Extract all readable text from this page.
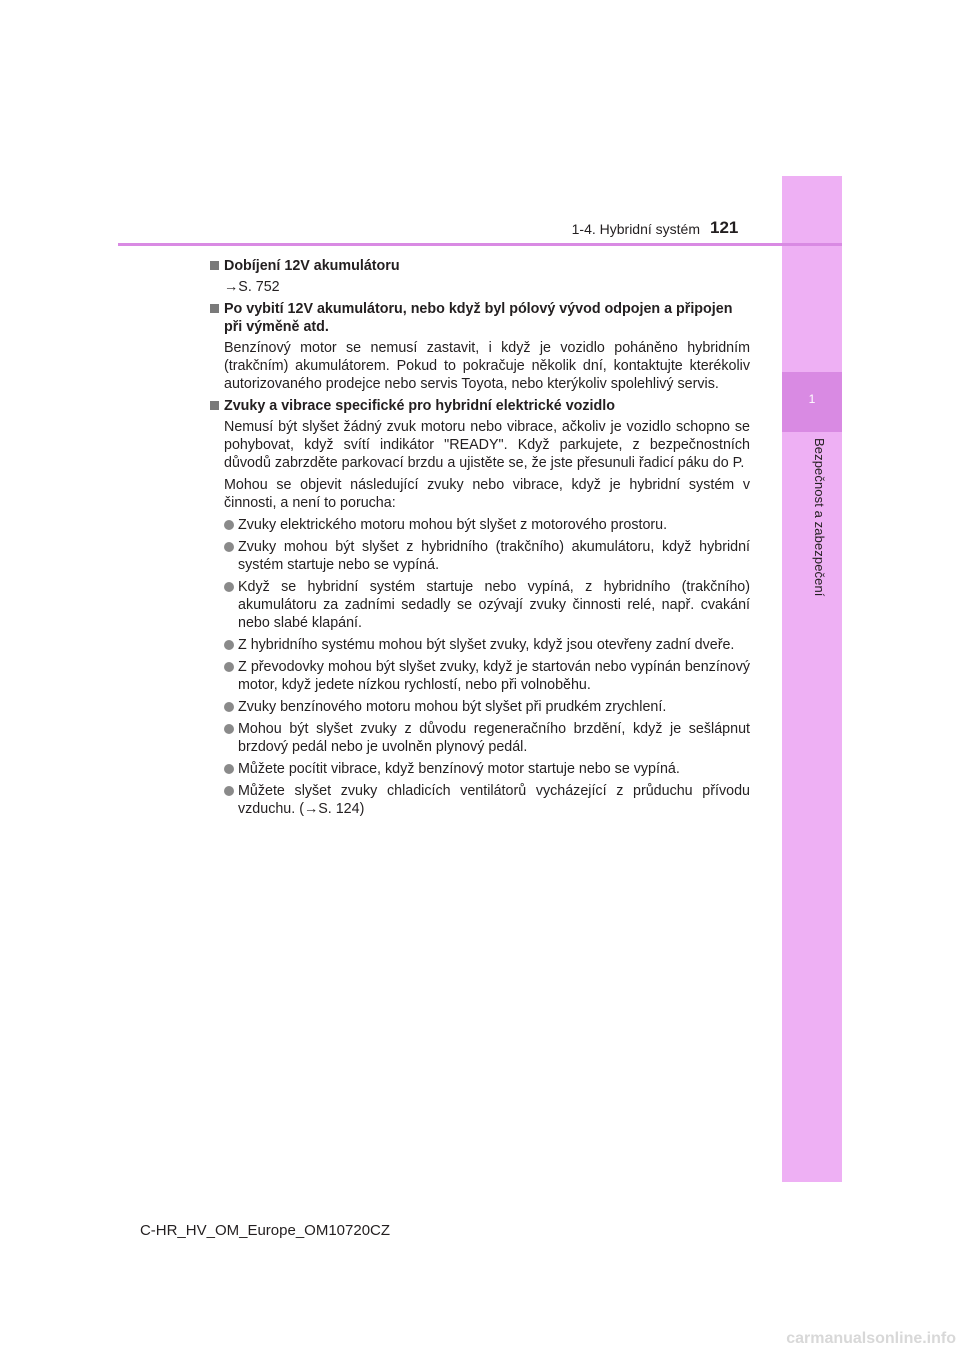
1
Bezpečnost a zabezpečení
1-4. Hybridní systém 121
Dobíjení 12V akumulátoru
→S. 752
Po vybití 12V akumulátoru, nebo když byl pólový vývod odpojen a připojen při výměně atd.
Benzínový motor se nemusí zastavit, i když je vozidlo poháněno hybridním (trakčním) akumulátorem. Pokud to pokračuje několik dní, kontaktujte kterékoliv autorizovaného prodejce nebo servis Toyota, nebo kterýkoliv spolehlivý servis.
Zvuky a vibrace specifické pro hybridní elektrické vozidlo
Nemusí být slyšet žádný zvuk motoru nebo vibrace, ačkoliv je vozidlo schopno se pohybovat, když svítí indikátor "READY". Když parkujete, z bezpečnostních důvodů zabrzděte parkovací brzdu a ujistěte se, že jste přesunuli řadicí páku do P.
Mohou se objevit následující zvuky nebo vibrace, když je hybridní systém v činnosti, a není to porucha:
Zvuky elektrického motoru mohou být slyšet z motorového prostoru.
Zvuky mohou být slyšet z hybridního (trakčního) akumulátoru, když hybridní systém startuje nebo se vypíná.
Když se hybridní systém startuje nebo vypíná, z hybridního (trakčního) akumulátoru za zadními sedadly se ozývají zvuky činnosti relé, např. cvakání nebo slabé klapání.
Z hybridního systému mohou být slyšet zvuky, když jsou otevřeny zadní dveře.
Z převodovky mohou být slyšet zvuky, když je startován nebo vypínán benzínový motor, když jedete nízkou rychlostí, nebo při volnoběhu.
Zvuky benzínového motoru mohou být slyšet při prudkém zrychlení.
Mohou být slyšet zvuky z důvodu regeneračního brzdění, když je sešlápnut brzdový pedál nebo je uvolněn plynový pedál.
Můžete pocítit vibrace, když benzínový motor startuje nebo se vypíná.
Můžete slyšet zvuky chladicích ventilátorů vycházející z průduchu přívodu vzduchu. (→S. 124)
C-HR_HV_OM_Europe_OM10720CZ
carmanualsonline.info
